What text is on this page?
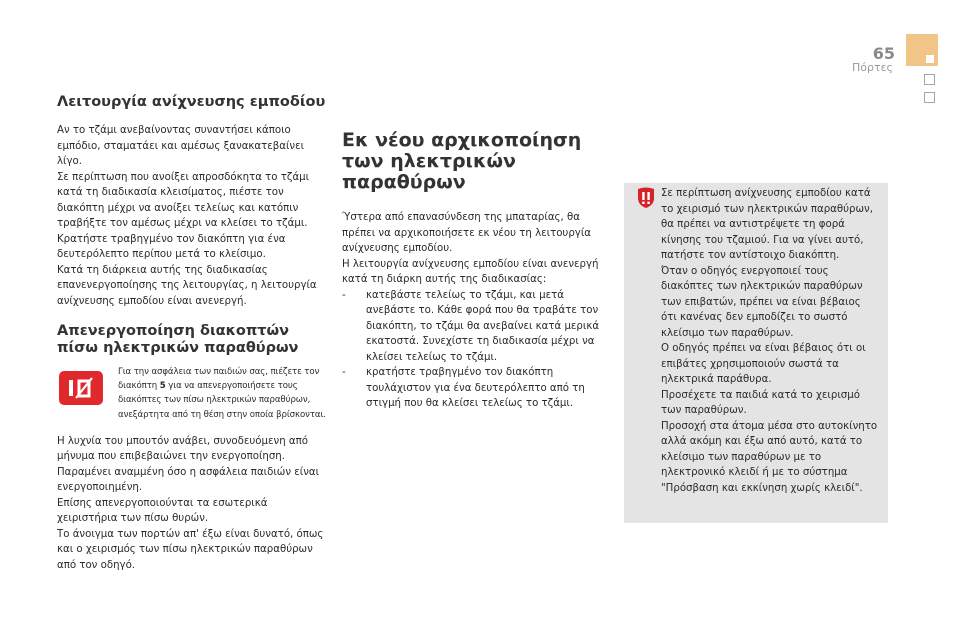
65
Πόρτες
Λειτουργία ανίχνευσης εμποδίου

Αν το τζάμι ανεβαίνοντας συναντήσει κάποιο εμπόδιο, σταματάει και αμέσως ξανακατεβαίνει λίγο.
Σε περίπτωση που ανοίξει απροσδόκητα το τζάμι κατά τη διαδικασία κλεισίματος, πιέστε τον διακόπτη μέχρι να ανοίξει τελείως και κατόπιν τραβήξτε τον αμέσως μέχρι να κλείσει το τζάμι. Κρατήστε τραβηγμένο τον διακόπτη για ένα δευτερόλεπτο περίπου μετά το κλείσιμο.
Κατά τη διάρκεια αυτής της διαδικασίας επανενεργοποίησης της λειτουργίας, η λειτουργία ανίχνευσης εμποδίου είναι ανενεργή.

Απενεργοποίηση διακοπτών πίσω ηλεκτρικών παραθύρων
Για την ασφάλεια των παιδιών σας, πιέζετε τον διακόπτη 5 για να απενεργοποιήσετε τους διακόπτες των πίσω ηλεκτρικών παραθύρων, ανεξάρτητα από τη θέση στην οποία βρίσκονται.

Η λυχνία του μπουτόν ανάβει, συνοδευόμενη από μήνυμα που επιβεβαιώνει την ενεργοποίηση. Παραμένει αναμμένη όσο η ασφάλεια παιδιών είναι ενεργοποιημένη.
Επίσης απενεργοποιούνται τα εσωτερικά χειριστήρια των πίσω θυρών.
Το άνοιγμα των πορτών απ' έξω είναι δυνατό, όπως και ο χειρισμός των πίσω ηλεκτρικών παραθύρων από τον οδηγό.

Εκ νέου αρχικοποίηση των ηλεκτρικών παραθύρων

Ύστερα από επανασύνδεση της μπαταρίας, θα πρέπει να αρχικοποιήσετε εκ νέου τη λειτουργία ανίχνευσης εμποδίου.
Η λειτουργία ανίχνευσης εμποδίου είναι ανενεργή κατά τη διάρκη αυτής της διαδικασίας:

- κατεβάστε τελείως το τζάμι, και μετά ανεβάστε το. Κάθε φορά που θα τραβάτε τον διακόπτη, το τζάμι θα ανεβαίνει κατά μερικά εκατοστά. Συνεχίστε τη διαδικασία μέχρι να κλείσει τελείως το τζάμι.
- κρατήστε τραβηγμένο τον διακόπτη τουλάχιστον για ένα δευτερόλεπτο από τη στιγμή που θα κλείσει τελείως το τζάμι.
Σε περίπτωση ανίχνευσης εμποδίου κατά το χειρισμό των ηλεκτρικών παραθύρων, θα πρέπει να αντιστρέψετε τη φορά κίνησης του τζαμιού. Για να γίνει αυτό, πατήστε τον αντίστοιχο διακόπτη.
Όταν ο οδηγός ενεργοποιεί τους διακόπτες των ηλεκτρικών παραθύρων των επιβατών, πρέπει να είναι βέβαιος ότι κανένας δεν εμποδίζει το σωστό κλείσιμο των παραθύρων.
Ο οδηγός πρέπει να είναι βέβαιος ότι οι επιβάτες χρησιμοποιούν σωστά τα ηλεκτρικά παράθυρα.
Προσέχετε τα παιδιά κατά το χειρισμό των παραθύρων.
Προσοχή στα άτομα μέσα στο αυτοκίνητο αλλά ακόμη και έξω από αυτό, κατά το κλείσιμο των παραθύρων με το ηλεκτρονικό κλειδί ή με το σύστημα "Πρόσβαση και εκκίνηση χωρίς κλειδί".
